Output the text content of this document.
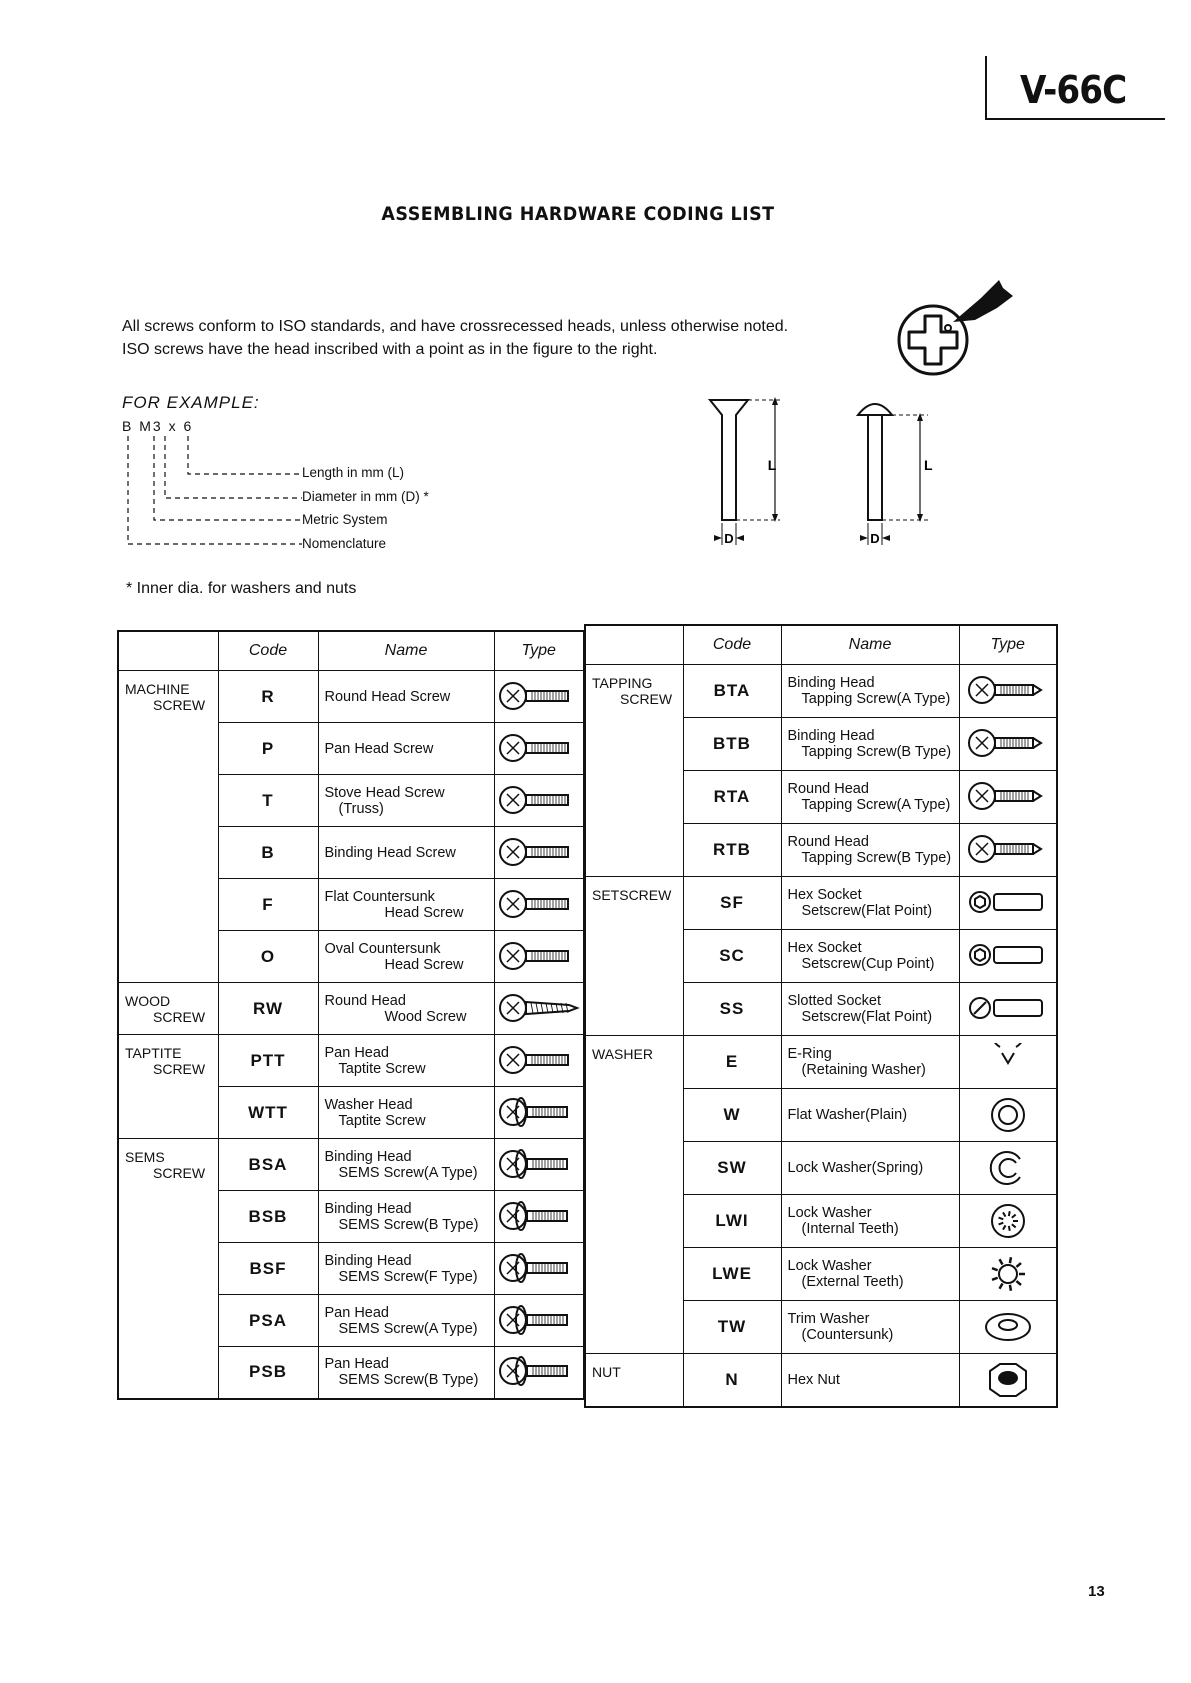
V-66C
ASSEMBLING HARDWARE CODING LIST
All screws conform to ISO standards, and have crossrecessed heads, unless otherwise noted.
ISO screws have the head inscribed with a point as in the figure to the right.
FOR EXAMPLE:
B M3 x 6
Length in mm (L)
Diameter in mm (D) *
Metric System
Nomenclature
L	L
D	D
* Inner dia. for washers and nuts
	Code	Name	Type

MACHINE
SCREW	R	Round Head Screw

	P	Pan Head Screw

	T	Stove Head Screw
(Truss)

	B	Binding Head Screw

	F	Flat Countersunk
Head Screw

	O	Oval Countersunk
Head Screw

WOOD
SCREW	RW	Round Head
Wood Screw

TAPTITE
SCREW	PTT	Pan Head
Taptite Screw

	WTT	Washer Head
Taptite Screw

SEMS
SCREW	BSA	Binding Head
SEMS Screw(A Type)

	BSB	Binding Head
SEMS Screw(B Type)

	BSF	Binding Head
SEMS Screw(F Type)

	PSA	Pan Head
SEMS Screw(A Type)

	PSB	Pan Head
SEMS Screw(B Type)

	Code	Name	Type

TAPPING
SCREW	BTA	Binding Head
Tapping Screw(A Type)

	BTB	Binding Head
Tapping Screw(B Type)

	RTA	Round Head
Tapping Screw(A Type)

	RTB	Round Head
Tapping Screw(B Type)

SETSCREW	SF	Hex Socket
Setscrew(Flat Point)

	SC	Hex Socket
Setscrew(Cup Point)

	SS	Slotted Socket
Setscrew(Flat Point)

WASHER	E	E-Ring
(Retaining Washer)

	W	Flat Washer(Plain)

	SW	Lock Washer(Spring)

	LWI	Lock Washer
(Internal Teeth)

	LWE	Lock Washer
(External Teeth)

	TW	Trim Washer
(Countersunk)

NUT	N	Hex Nut

13
